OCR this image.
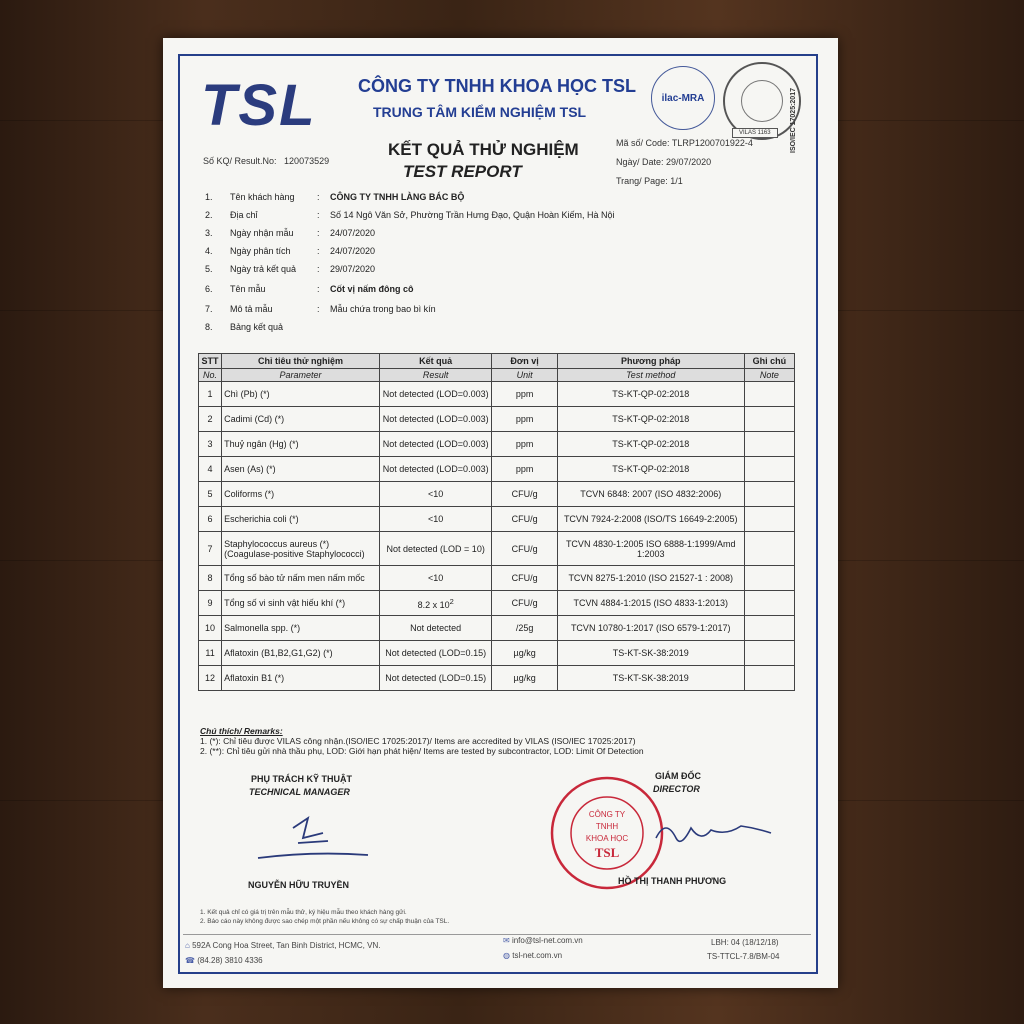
TSL CÔNG TY TNHH KHOA HỌC TSL
TRUNG TÂM KIỂM NGHIỆM TSL
ilac-MRA
VILAS 1163	ISO/IEC 17025:2017
Số KQ/ Result.No: 120073529
KẾT QUẢ THỬ NGHIỆM
TEST REPORT
Mã số/ Code: TLRP1200701922-4
Ngày/ Date: 29/07/2020
Trang/ Page: 1/1
1. Tên khách hàng : CÔNG TY TNHH LÀNG BÁC BỘ
2. Địa chỉ	: Số 14 Ngô Văn Sở, Phường Trần Hưng Đạo, Quận Hoàn Kiếm, Hà Nội
3. Ngày nhận mẫu	: 24/07/2020
4. Ngày phân tích	: 24/07/2020
5. Ngày trả kết quả : 29/07/2020
6. Tên mẫu	: Cốt vị nấm đông cô
7. Mô tả mẫu	: Mẫu chứa trong bao bì kín
8. Bảng kết quả
STT	Chỉ tiêu thử nghiệm	Kết quả	Đơn vị	Phương pháp	Ghi chú
No.	Parameter	Result	Unit	Test method	Note
1	Chì (Pb) (*)	Not detected (LOD=0.003)	ppm	TS-KT-QP-02:2018	
2	Cadimi (Cd) (*)	Not detected (LOD=0.003)	ppm	TS-KT-QP-02:2018	
3	Thuỷ ngân (Hg) (*)	Not detected (LOD=0.003)	ppm	TS-KT-QP-02:2018	
4	Asen (As) (*)	Not detected (LOD=0.003)	ppm	TS-KT-QP-02:2018	
5	Coliforms (*)	<10	CFU/g	TCVN 6848: 2007 (ISO 4832:2006)	
6	Escherichia coli (*)	<10	CFU/g	TCVN 7924-2:2008 (ISO/TS 16649-2:2005)	
7	Staphylococcus aureus (*) (Coagulase-positive Staphylococci)	Not detected (LOD = 10)	CFU/g	TCVN 4830-1:2005 ISO 6888-1:1999/Amd 1:2003	
8	Tổng số bào tử nấm men nấm mốc	<10	CFU/g	TCVN 8275-1:2010 (ISO 21527-1 : 2008)	
9	Tổng số vi sinh vật hiếu khí (*)	8.2 x $10^2$	CFU/g	TCVN 4884-1:2015 (ISO 4833-1:2013)	
10	Salmonella spp. (*)	Not detected	/25g	TCVN 10780-1:2017 (ISO 6579-1:2017)	
11	Aflatoxin (B1,B2,G1,G2) (*)	Not detected (LOD=0.15)	µg/kg	TS-KT-SK-38:2019	
12	Aflatoxin B1 (*)	Not detected (LOD=0.15)	µg/kg	TS-KT-SK-38:2019	
Chú thích/ Remarks:
1. (*): Chỉ tiêu được VILAS công nhận.(ISO/IEC 17025:2017)/ Items are accredited by VILAS (ISO/IEC 17025:2017)
2. (**): Chỉ tiêu gửi nhà thầu phụ, LOD: Giới hạn phát hiện/ Items are tested by subcontractor, LOD: Limit Of Detection
PHỤ TRÁCH KỸ THUẬT
TECHNICAL MANAGER
NGUYỄN HỮU TRUYỀN
GIÁM ĐỐC
DIRECTOR
CÔNG TY
TNHH
KHOA HỌC
TSL
HỒ THỊ THANH PHƯƠNG
1. Kết quả chỉ có giá trị trên mẫu thử, ký hiệu mẫu theo khách hàng gửi.
2. Báo cáo này không được sao chép một phần nếu không có sự chấp thuận của TSL.
⌂ 592A Cong Hoa Street, Tan Binh District, HCMC, VN.
☎ (84.28) 3810 4336
✉ info@tsl-net.com.vn
◍ tsl-net.com.vn
LBH: 04 (18/12/18)
TS-TTCL-7.8/BM-04
